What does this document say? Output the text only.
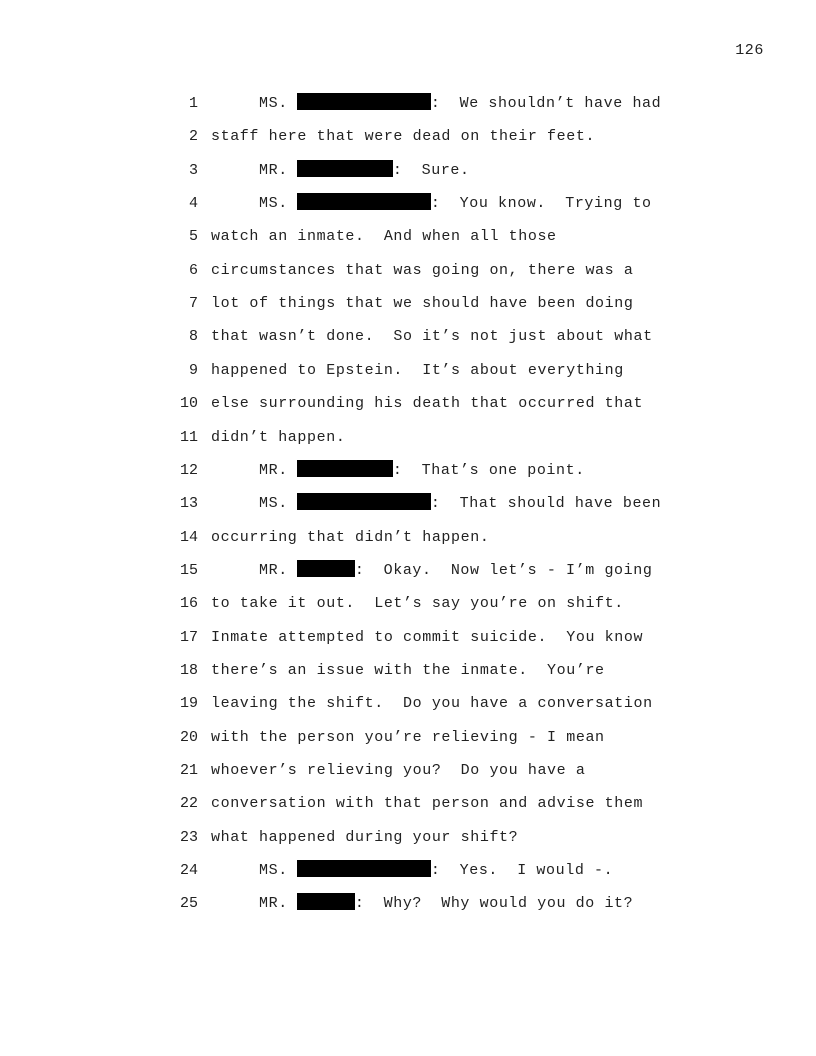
126
1	MS.	:  We shouldn’t have had
2 staff here that were dead on their feet.
3	MR.	:  Sure.
4	MS.	:  You know.  Trying to
5 watch an inmate.  And when all those
6 circumstances that was going on, there was a
7 lot of things that we should have been doing
8 that wasn’t done.  So it’s not just about what
9 happened to Epstein.  It’s about everything
10 else surrounding his death that occurred that
11 didn’t happen.
12	MR.	:  That’s one point.
13	MS.	:  That should have been
14 occurring that didn’t happen.
15	MR.	:  Okay.  Now let’s - I’m going
16 to take it out.  Let’s say you’re on shift.
17 Inmate attempted to commit suicide.  You know
18 there’s an issue with the inmate.  You’re
19 leaving the shift.  Do you have a conversation
20 with the person you’re relieving - I mean
21 whoever’s relieving you?  Do you have a
22 conversation with that person and advise them
23 what happened during your shift?
24	MS.	:  Yes.  I would -.
25	MR.	:  Why?  Why would you do it?
